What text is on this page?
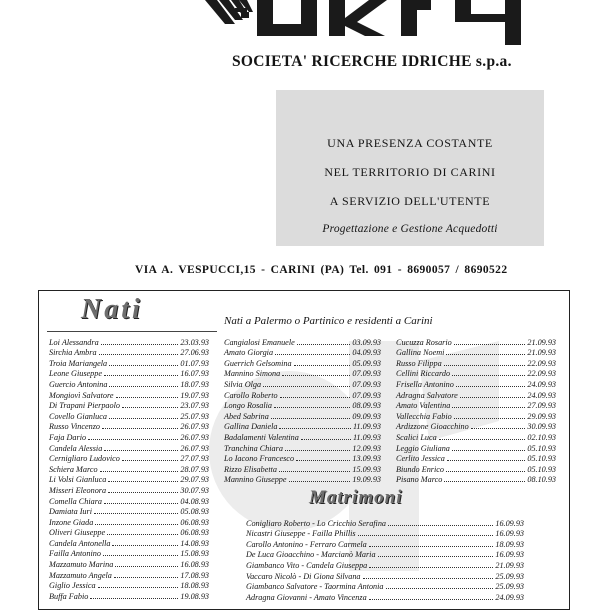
SOCIETA' RICERCHE IDRICHE s.p.a.
UNA PRESENZA COSTANTE
NEL TERRITORIO DI CARINI
A SERVIZIO DELL'UTENTE
Progettazione e Gestione Acquedotti
VIA A. VESPUCCI,15 - CARINI (PA) Tel. 091 - 8690057 / 8690522
Nati	Nati a Palermo o Partinico e residenti a Carini
Loi Alessandra	23.03.93
Sirchia Ambra	27.06.93
Troia Mariangela	01.07.93
Leone Giuseppe	16.07.93
Guercio Antonina	18.07.93
Mongiovì Salvatore	19.07.93
Di Trapani Pierpaolo	23.07.93
Covello Gianluca	25.07.93
Russo Vincenzo	26.07.93
Faja Dario	26.07.93
Candela Alessia	26.07.93
Cernigliaro Ludovico	27.07.93
Schiera Marco	28.07.93
Li Volsi Gianluca	29.07.93
Misseri Eleonora	30.07.93
Comella Chiara	04.08.93
Damiata Iuri	05.08.93
Inzone Giada	06.08.93
Oliveri Giuseppe	06.08.93
Candela Antonella	14.08.93
Failla Antonino	15.08.93
Mazzamuto Marina	16.08.93
Mazzamuto Angela	17.08.93
Giglio Jessica	18.08.93
Buffa Fabio	19.08.93
Cangialosi Emanuele	03.09.93
Amato Giorgia	04.09.93
Guerrich Gelsomina	05.09.93
Mannino Simona	07.09.93
Silvia Olga	07.09.93
Carollo Roberto	07.09.93
Longo Rosalia	08.09.93
Abed Sabrina	09.09.93
Gallina Daniela	11.09.93
Badalamenti Valentina	11.09.93
Tranchina Chiara	12.09.93
Lo Iacono Francesco	13.09.93
Rizzo Elisabetta	15.09.93
Mannino Giuseppe	19.09.93
Cucuzza Rosario	21.09.93
Gallina Noemi	21.09.93
Russo Filippa	22.09.93
Cellini Riccardo	22.09.93
Frisella Antonino	24.09.93
Adragna Salvatore	24.09.93
Amato Valentina	27.09.93
Vallecchia Fabio	29.09.93
Ardizzone Gioacchino	30.09.93
Scalici Luca	02.10.93
Leggio Giuliana	05.10.93
Cerlito Jessica	05.10.93
Biundo Enrico	05.10.93
Pisano Marco	08.10.93
Matrimoni
Conigliaro Roberto - Lo Cricchio Serafina	16.09.93
Nicastri Giuseppe - Failla Phillis	16.09.93
Carollo Antonino - Ferraro Carmela	18.09.93
De Luca Gioacchino - Marcianò Maria	16.09.93
Giambanco Vito - Candela Giuseppa	21.09.93
Vaccaro Nicolò - Di Giona Silvana	25.09.93
Giambanco Salvatore - Taormina Antonia	25.09.93
Adragna Giovanni - Amato Vincenza	24.09.93
